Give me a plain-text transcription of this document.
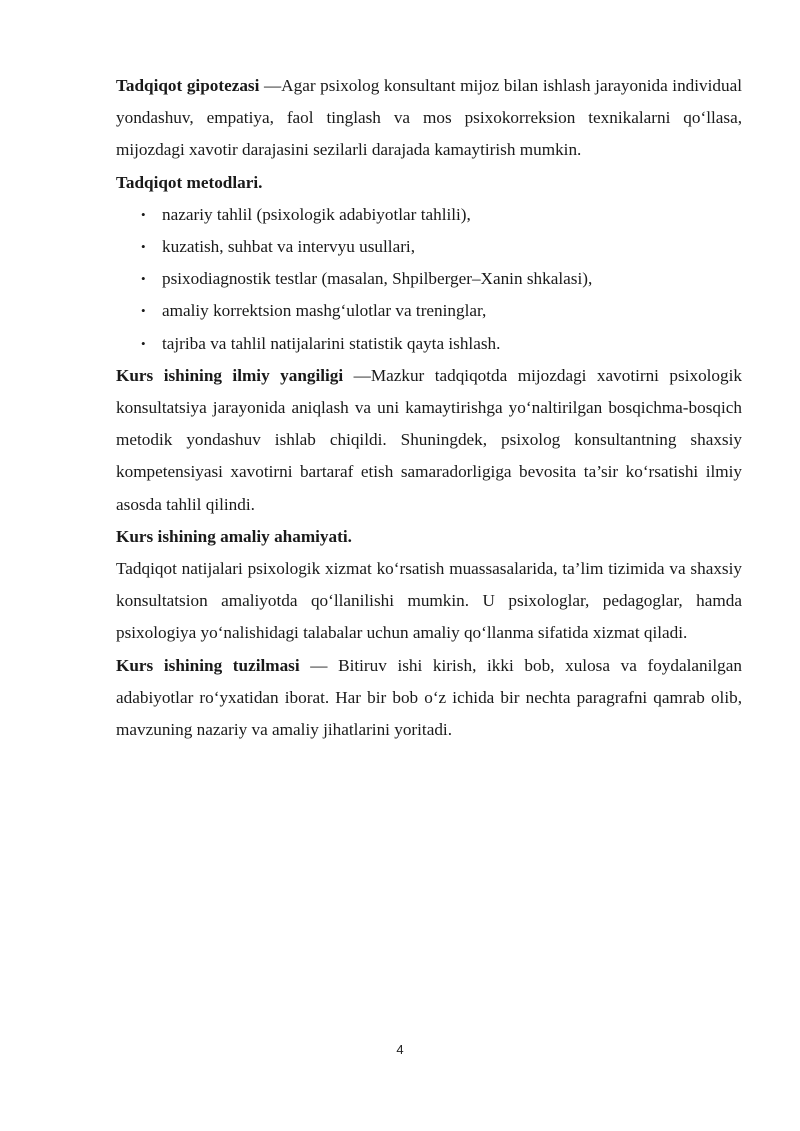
Tadqiqot gipotezasi —Agar psixolog konsultant mijoz bilan ishlash jarayonida individual yondashuv, empatiya, faol tinglash va mos psixokorreksion texnikalarni qo‘llasa, mijozdagi xavotir darajasini sezilarli darajada kamaytirish mumkin.

Tadqiqot metodlari.

• nazariy tahlil (psixologik adabiyotlar tahlili),
• kuzatish, suhbat va intervyu usullari,
• psixodiagnostik testlar (masalan, Shpilberger–Xanin shkalasi),
• amaliy korrektsion mashg‘ulotlar va treninglar,
• tajriba va tahlil natijalarini statistik qayta ishlash.

Kurs ishining ilmiy yangiligi —Mazkur tadqiqotda mijozdagi xavotirni psixologik konsultatsiya jarayonida aniqlash va uni kamaytirishga yo‘naltirilgan bosqichma-bosqich metodik yondashuv ishlab chiqildi. Shuningdek, psixolog konsultantning shaxsiy kompetensiyasi xavotirni bartaraf etish samaradorligiga bevosita ta’sir ko‘rsatishi ilmiy asosda tahlil qilindi.

Kurs ishining amaliy ahamiyati.

Tadqiqot natijalari psixologik xizmat ko‘rsatish muassasalarida, ta’lim tizimida va shaxsiy konsultatsion amaliyotda qo‘llanilishi mumkin. U psixologlar, pedagoglar, hamda psixologiya yo‘nalishidagi talabalar uchun amaliy qo‘llanma sifatida xizmat qiladi.

Kurs ishining tuzilmasi — Bitiruv ishi kirish, ikki bob, xulosa va foydalanilgan adabiyotlar ro‘yxatidan iborat. Har bir bob o‘z ichida bir nechta paragrafni qamrab olib, mavzuning nazariy va amaliy jihatlarini yoritadi.

4
